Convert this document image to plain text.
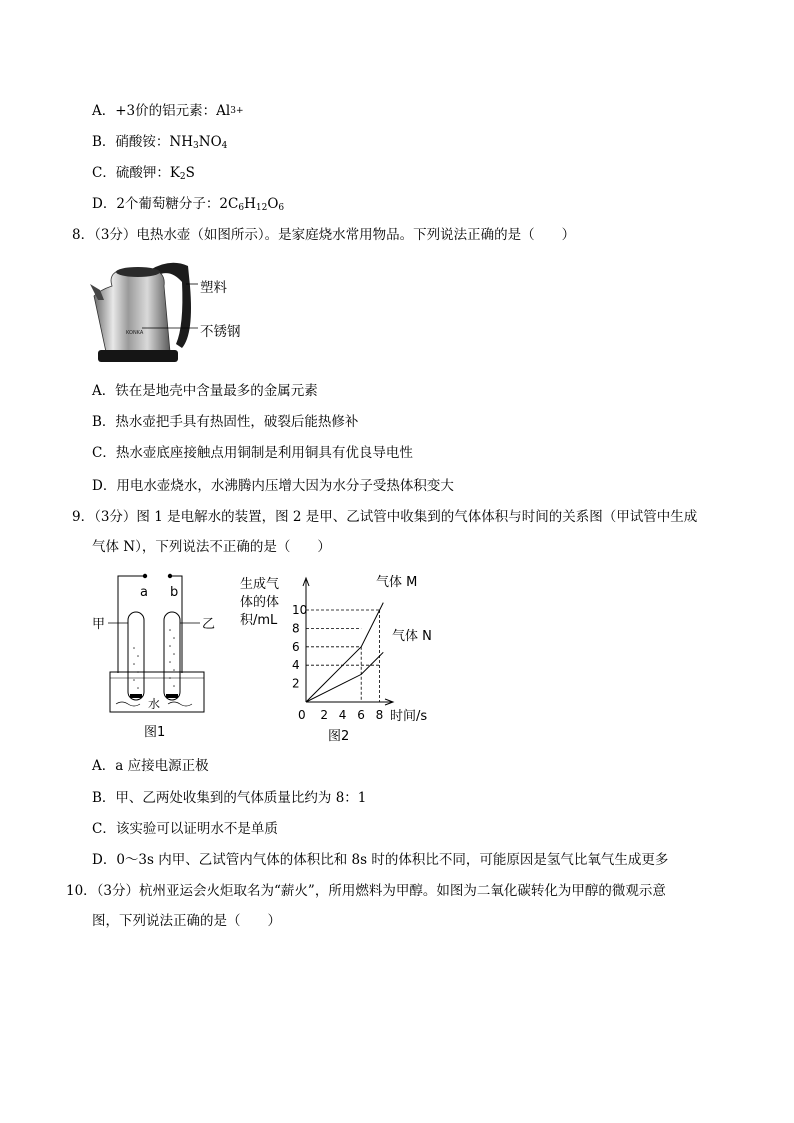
A．+3价的铝元素：$Al^{3+}$
B．硝酸铵：$NH_3NO_4$
C．硫酸钾：$K_2S$
D．2个葡萄糖分子：$2C_6H_{12}O_6$
8．（3分）电热水壶（如图所示）。是家庭烧水常用物品。下列说法正确的是（　　）
KONKA
塑料
不锈钢
A．铁在是地壳中含量最多的金属元素
B．热水壶把手具有热固性，破裂后能热修补
C．热水壶底座接触点用铜制是利用铜具有优良导电性
D．用电水壶烧水，水沸腾内压增大因为水分子受热体积变大
9．（3分）图 1 是电解水的装置，图 2 是甲、乙试管中收集到的气体体积与时间的关系图（甲试管中生成
气体 N），下列说法不正确的是（　　）
a b
甲	乙
水
图1
生成气
体的体
积/mL
气体 M
气体 N
2
4
6
8
10
0 2 4 6 8 时间/s
图2
A．a 应接电源正极
B．甲、乙两处收集到的气体质量比约为 8：1
C．该实验可以证明水不是单质
D．0～3s 内甲、乙试管内气体的体积比和 8s 时的体积比不同，可能原因是氢气比氧气生成更多
10．（3分）杭州亚运会火炬取名为“薪火”，所用燃料为甲醇。如图为二氧化碳转化为甲醇的微观示意
图，下列说法正确的是（　　）
